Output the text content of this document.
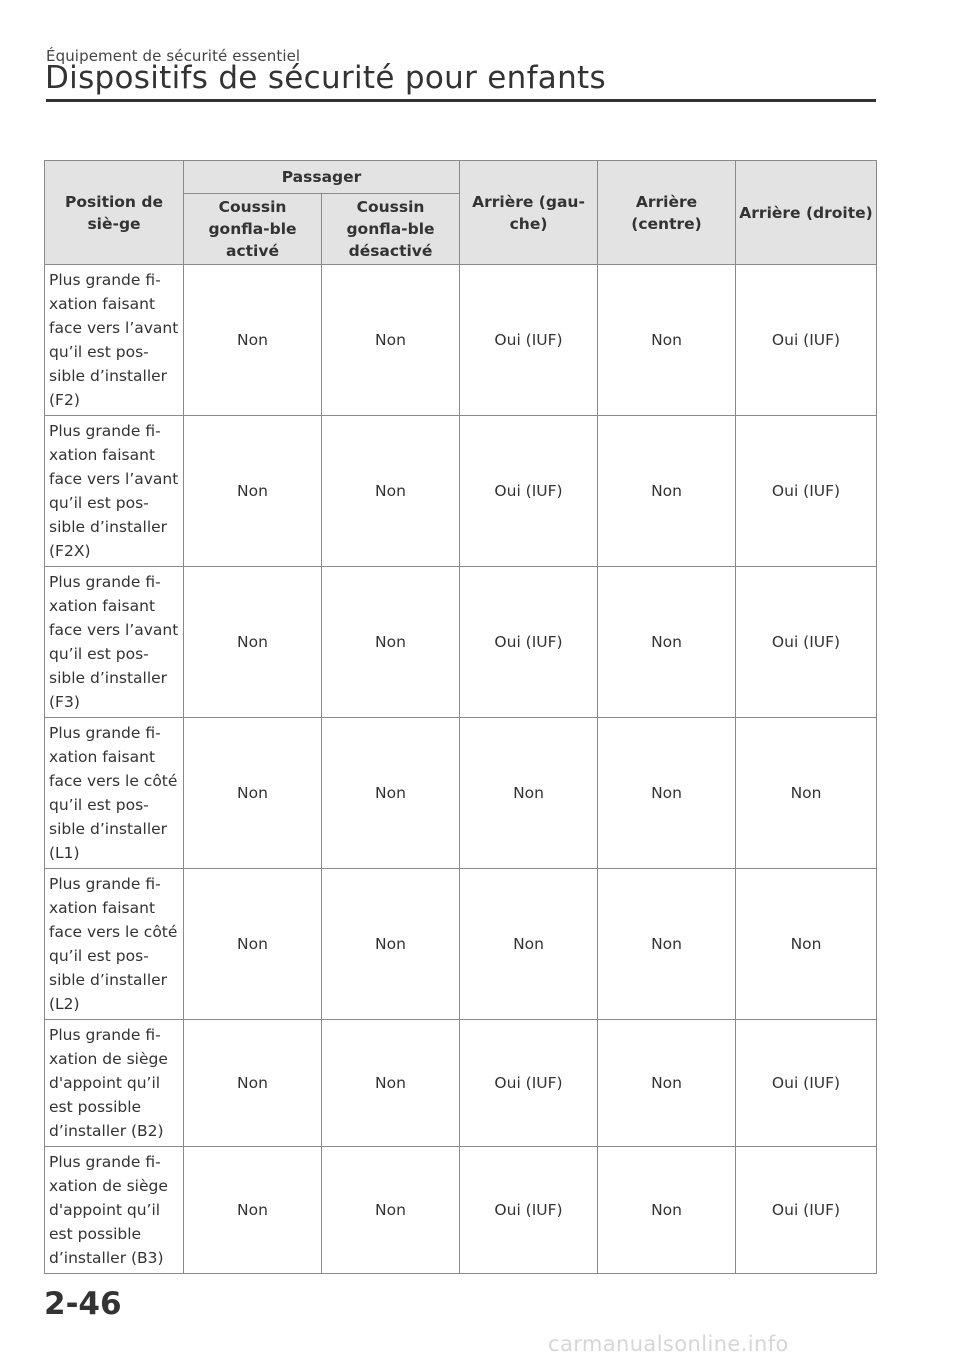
Équipement de sécurité essentiel
Dispositifs de sécurité pour enfants
Position de siè-ge	Passager		Arrière (gau-che)	Arrière (centre)	Arrière (droite)
	Coussin gonfla-ble activé	Coussin gonfla-ble désactivé			
Plus grande fi-xation faisant face vers l’avant qu’il est pos-sible d’installer (F2)	Non	Non	Oui (IUF)	Non	Oui (IUF)
Plus grande fi-xation faisant face vers l’avant qu’il est pos-sible d’installer (F2X)	Non	Non	Oui (IUF)	Non	Oui (IUF)
Plus grande fi-xation faisant face vers l’avant qu’il est pos-sible d’installer (F3)	Non	Non	Oui (IUF)	Non	Oui (IUF)
Plus grande fi-xation faisant face vers le côté qu’il est pos-sible d’installer (L1)	Non	Non	Non	Non	Non
Plus grande fi-xation faisant face vers le côté qu’il est pos-sible d’installer (L2)	Non	Non	Non	Non	Non
Plus grande fi-xation de siège d'appoint qu’il est possible d’installer (B2)	Non	Non	Oui (IUF)	Non	Oui (IUF)
Plus grande fi-xation de siège d'appoint qu’il est possible d’installer (B3)	Non	Non	Oui (IUF)	Non	Oui (IUF)
2-46
carmanualsonline.info
